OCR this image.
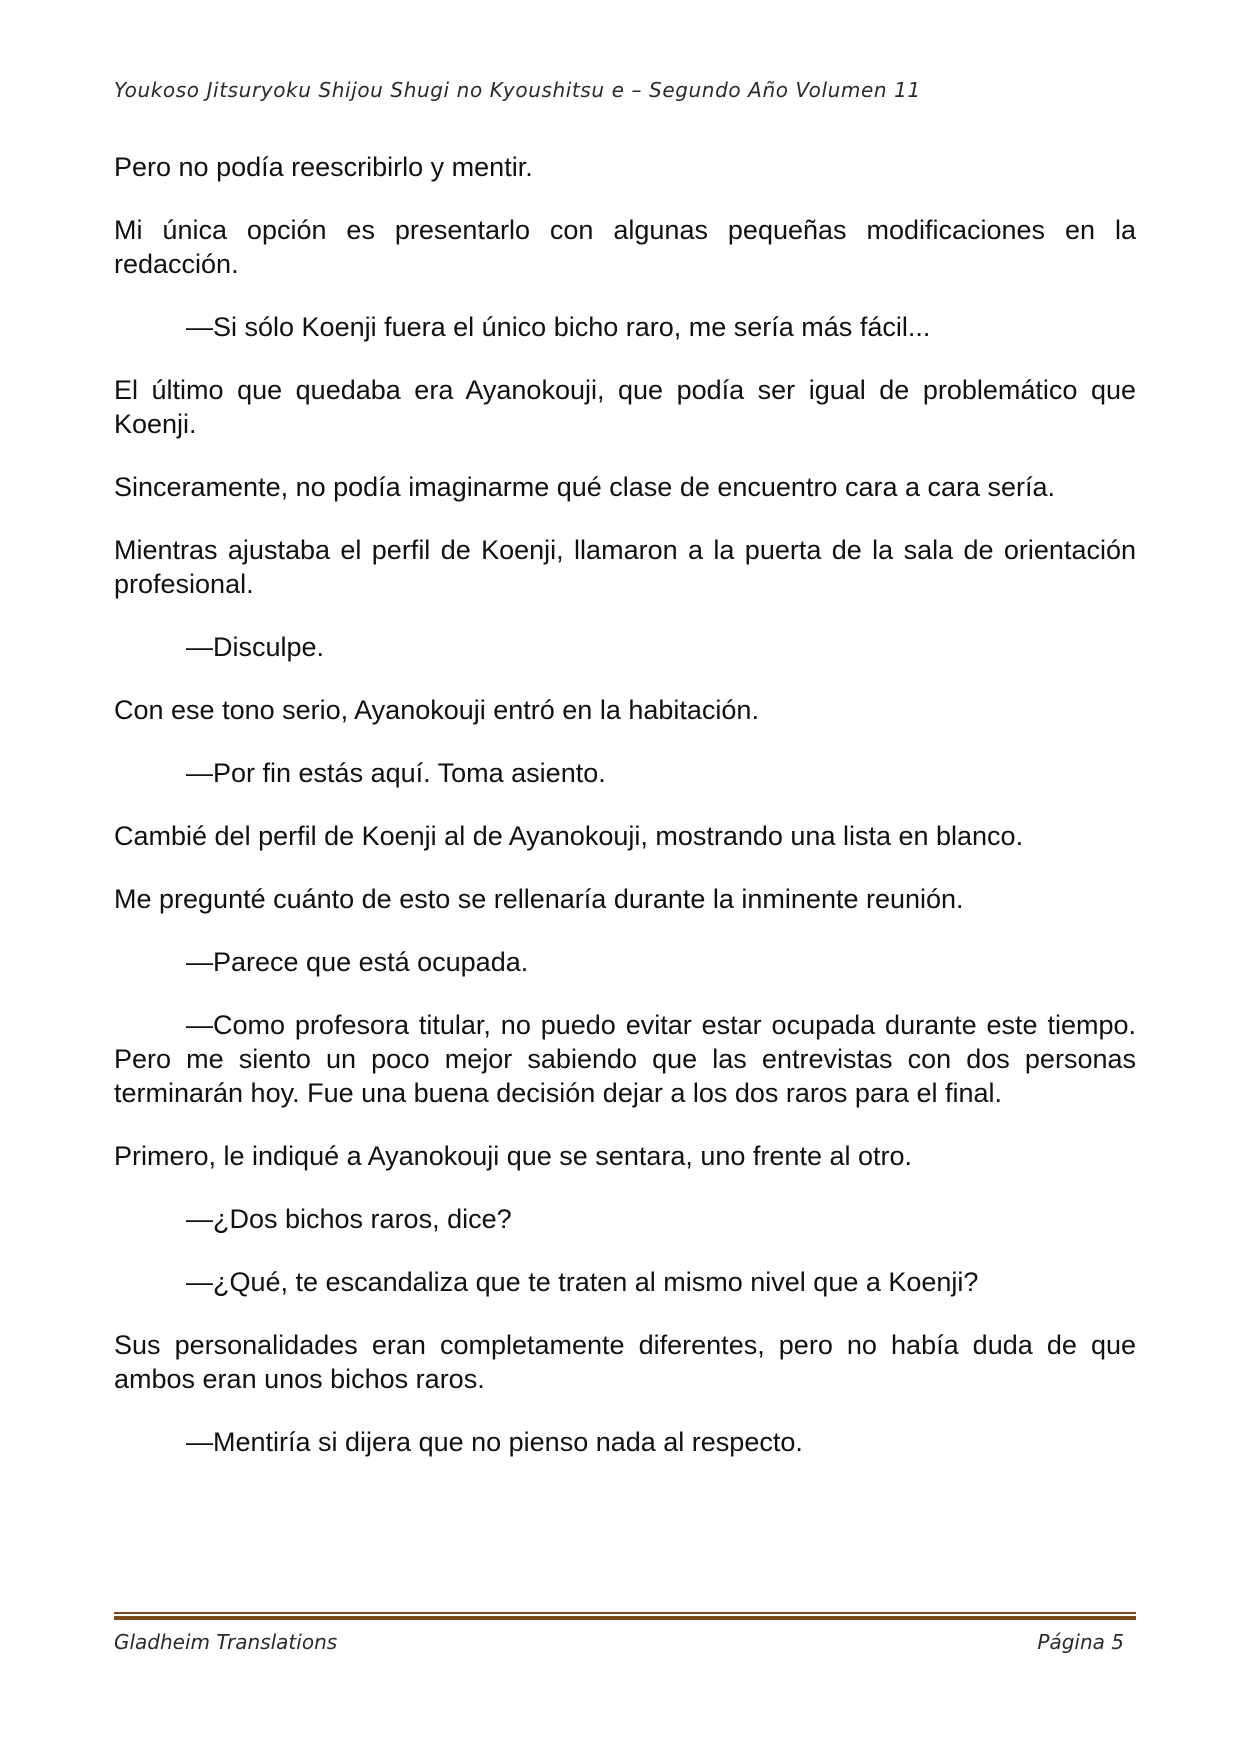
Youkoso Jitsuryoku Shijou Shugi no Kyoushitsu e – Segundo Año Volumen 11

Pero no podía reescribirlo y mentir.

Mi única opción es presentarlo con algunas pequeñas modificaciones en la redacción.

—Si sólo Koenji fuera el único bicho raro, me sería más fácil...

El último que quedaba era Ayanokouji, que podía ser igual de problemático que Koenji.

Sinceramente, no podía imaginarme qué clase de encuentro cara a cara sería.

Mientras ajustaba el perfil de Koenji, llamaron a la puerta de la sala de orientación profesional.

—Disculpe.

Con ese tono serio, Ayanokouji entró en la habitación.

—Por fin estás aquí. Toma asiento.

Cambié del perfil de Koenji al de Ayanokouji, mostrando una lista en blanco.

Me pregunté cuánto de esto se rellenaría durante la inminente reunión.

—Parece que está ocupada.

—Como profesora titular, no puedo evitar estar ocupada durante este tiempo. Pero me siento un poco mejor sabiendo que las entrevistas con dos personas terminarán hoy. Fue una buena decisión dejar a los dos raros para el final.

Primero, le indiqué a Ayanokouji que se sentara, uno frente al otro.

—¿Dos bichos raros, dice?

—¿Qué, te escandaliza que te traten al mismo nivel que a Koenji?

Sus personalidades eran completamente diferentes, pero no había duda de que ambos eran unos bichos raros.

—Mentiría si dijera que no pienso nada al respecto.

Gladheim Translations	Página 5
